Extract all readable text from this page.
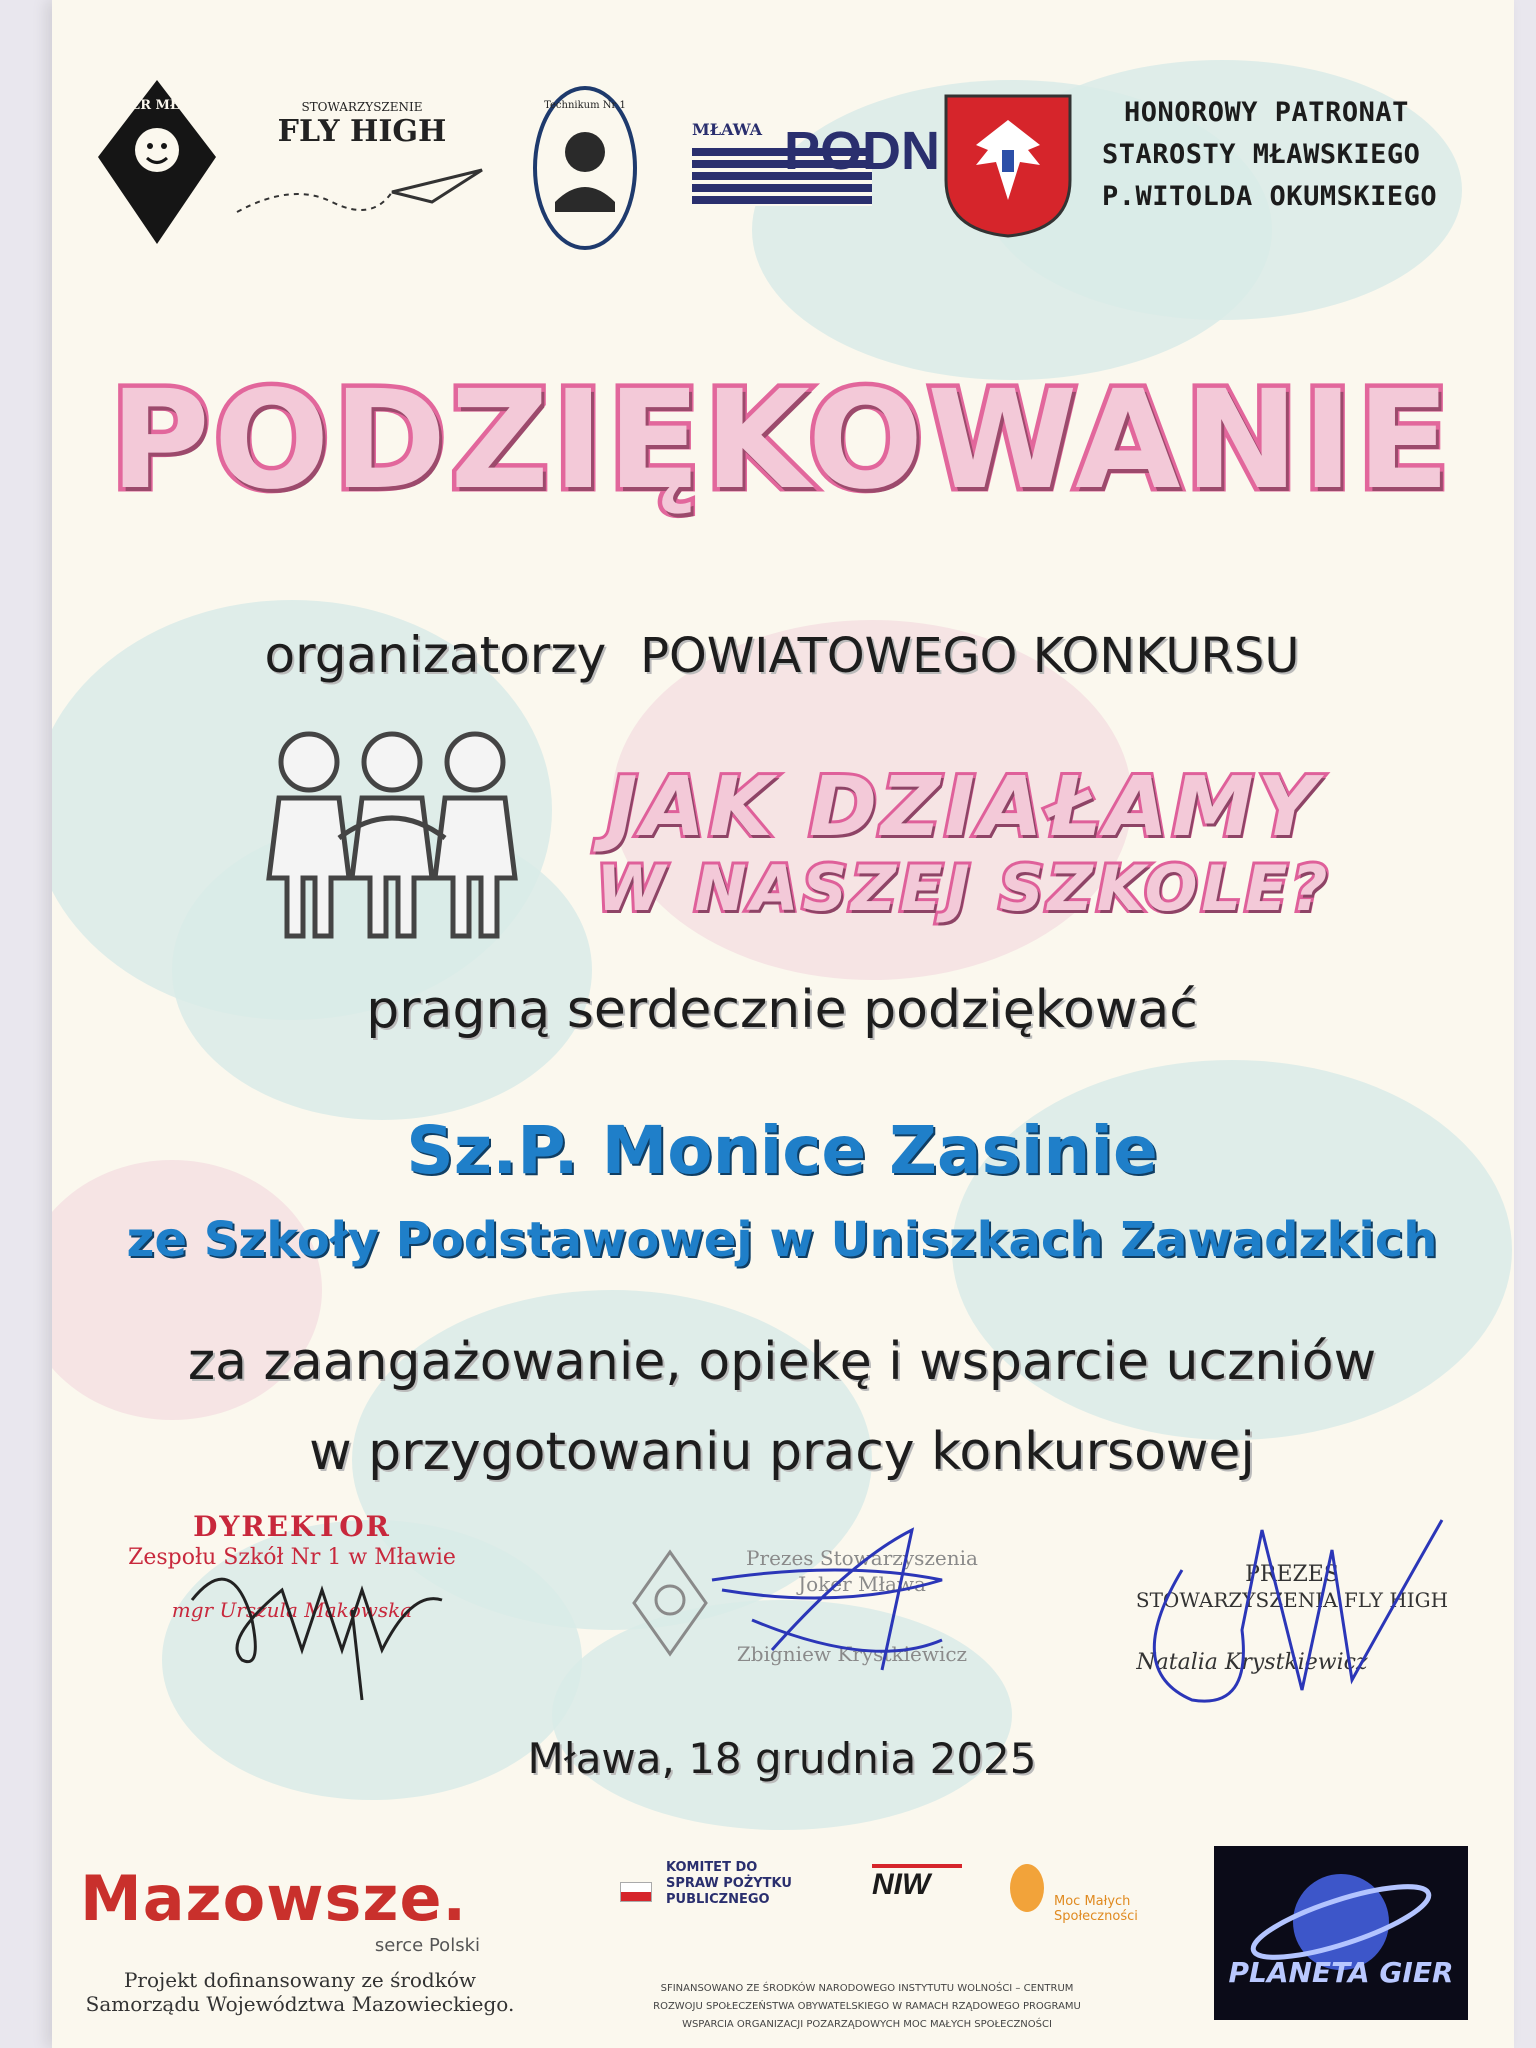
JOKER MŁAWA	STOWARZYSZENIE
FLY HIGH
Technikum Nr 1
MŁAWA PODN
HONOROWY PATRONAT
STAROSTY MŁAWSKIEGO
P.WITOLDA OKUMSKIEGO
PODZIĘKOWANIE
organizatorzy POWIATOWEGO KONKURSU
JAK DZIAŁAMY
W NASZEJ SZKOLE?
pragną serdecznie podziękować
Sz.P. Monice Zasinie
ze Szkoły Podstawowej w Uniszkach Zawadzkich
za zaangażowanie, opiekę i wsparcie uczniów
w przygotowaniu pracy konkursowej
DYREKTOR
Zespołu Szkół Nr 1 w Mławie
mgr Urszula Makowska
Prezes Stowarzyszenia
Joker Mława
Zbigniew Krystkiewicz
PREZES
STOWARZYSZENIA FLY HIGH
Natalia Krystkiewicz
Mława, 18 grudnia 2025
Mazowsze.
serce Polski
Projekt dofinansowany ze środków
Samorządu Województwa Mazowieckiego.
KOMITET DO SPRAW POŻYTKU PUBLICZNEGO	NIW
Moc Małych Społeczności
PLANETA GIER
SFINANSOWANO ZE ŚRODKÓW NARODOWEGO INSTYTUTU WOLNOŚCI – CENTRUM
ROZWOJU SPOŁECZEŃSTWA OBYWATELSKIEGO W RAMACH RZĄDOWEGO PROGRAMU
WSPARCIA ORGANIZACJI POZARZĄDOWYCH MOC MAŁYCH SPOŁECZNOŚCI
